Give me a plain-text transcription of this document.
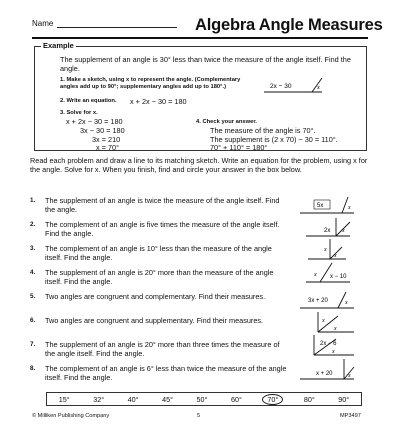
Name	Algebra Angle Measures
Example
The supplement of an angle is 30° less than twice the measure of the angle itself. Find the angle.
1. Make a sketch, using x to represent the angle. (Complementary angles add up to 90°; supplementary angles add up to 180°.)	2x − 30	x
2. Write an equation. x + 2x − 30 = 180
3. Solve for x.
x + 2x − 30 = 180
3x − 30 = 180
3x = 210
x = 70°
4. Check your answer.
The measure of the angle is 70°.
The supplement is (2 x 70) − 30 = 110°.
70° + 110° = 180°
Read each problem and draw a line to its matching sketch. Write an equation for the problem, using x for the angle. Solve for x. When you finish, find and circle your answer in the box below.
1.	The supplement of an angle is twice the measure of the angle itself. Find the angle.
2.	The complement of an angle is five times the measure of the angle itself. Find the angle.
3.	The complement of an angle is 10° less than the measure of the angle itself. Find the angle.
4.	The supplement of an angle is 20° more than the measure of the angle itself. Find the angle.
5.	Two angles are congruent and complementary. Find their measures.
6.	Two angles are congruent and supplementary. Find their measures.
7.	The supplement of an angle is 20° more than three times the measure of the angle itself. Find the angle.
8.	The complement of an angle is 6° less than twice the measure of the angle itself. Find the angle.
5x	x
2x x
x
x
x x − 10
3x + 20	x
x
x
2x − 6
x
x + 20	x
15°	32°	40°	45°	50°	60°	70°	80°	90°
© Milliken Publishing Company	5	MP3497
